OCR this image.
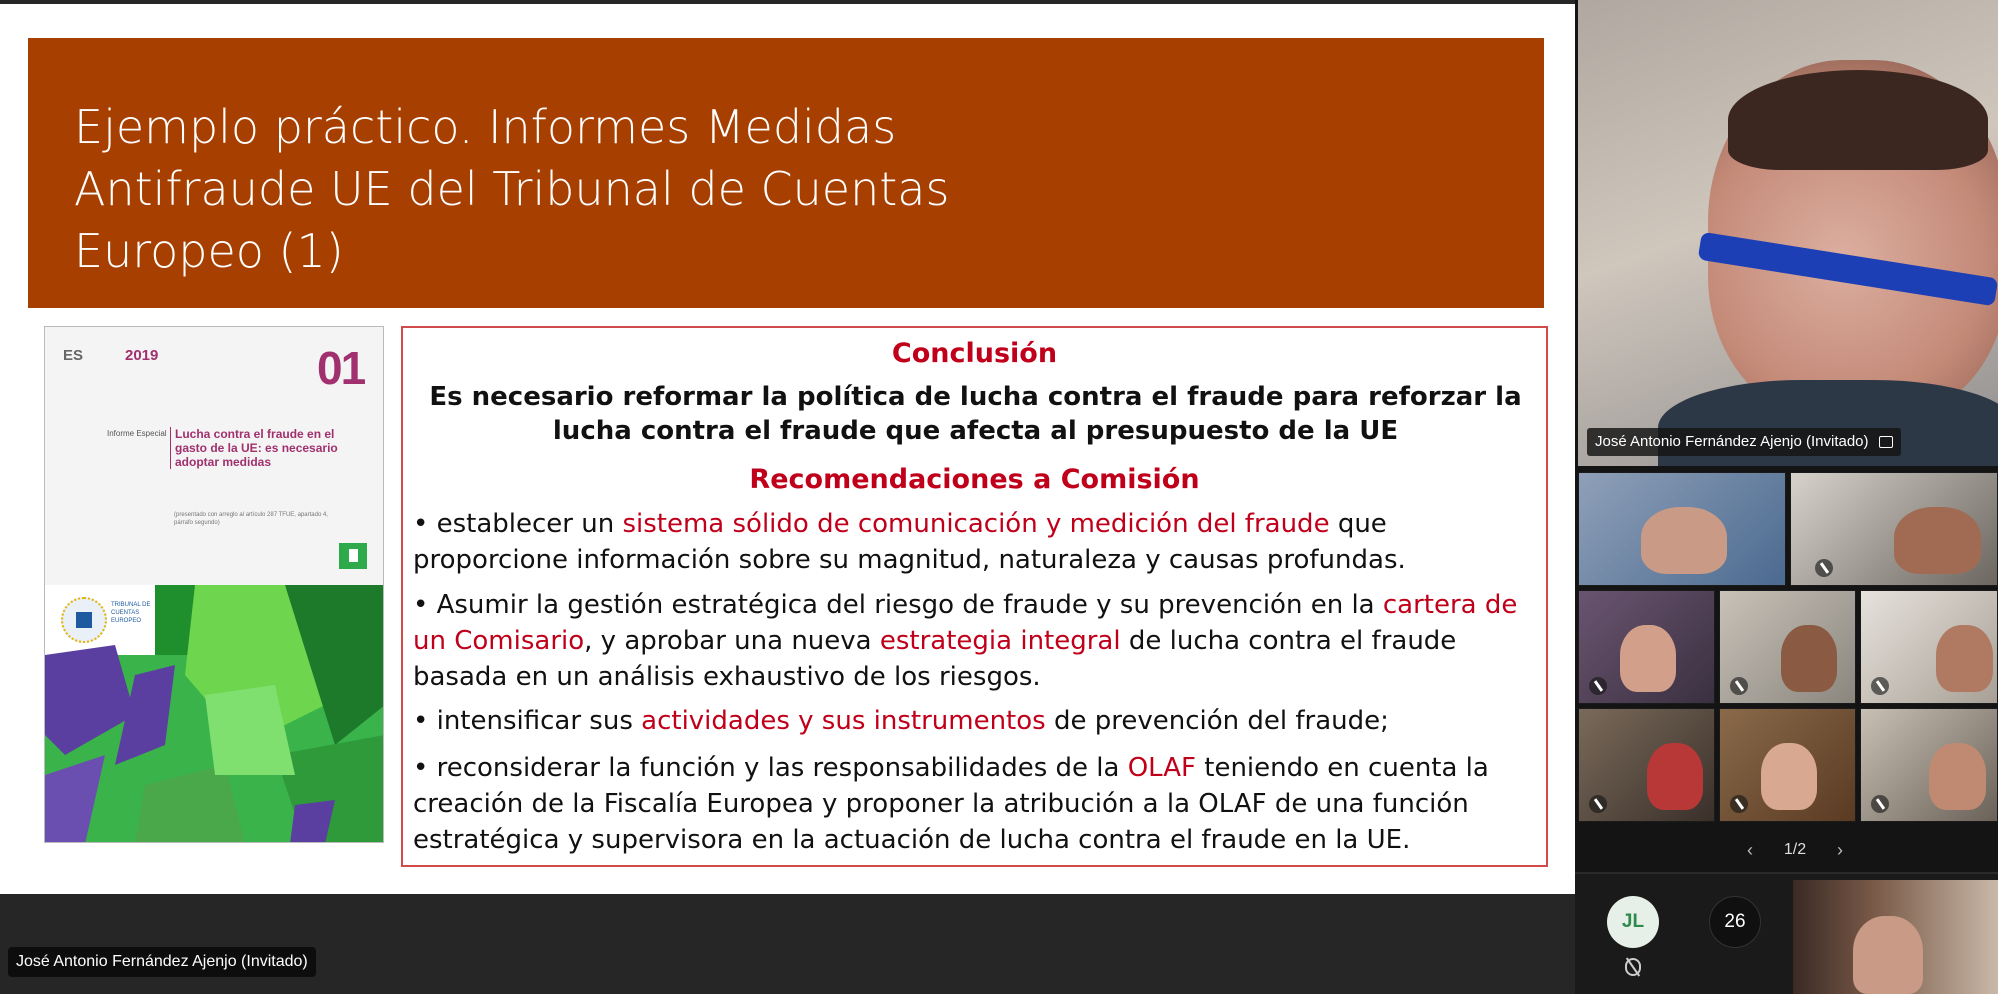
Ejemplo práctico. Informes Medidas
Antifraude UE del Tribunal de Cuentas
Europeo (1)
ES	2019	01
Informe Especial Lucha contra el fraude en el gasto de la UE: es necesario adoptar medidas
(presentado con arreglo al artículo 287 TFUE, apartado 4, párrafo segundo)
TRIBUNAL DE CUENTAS EUROPEO
Conclusión
Es necesario reformar la política de lucha contra el fraude para reforzar la lucha contra el fraude que afecta al presupuesto de la UE
Recomendaciones a Comisión
• establecer un sistema sólido de comunicación y medición del fraude que proporcione información sobre su magnitud, naturaleza y causas profundas.
• Asumir la gestión estratégica del riesgo de fraude y su prevención en la cartera de un Comisario, y aprobar una nueva estrategia integral de lucha contra el fraude basada en un análisis exhaustivo de los riesgos.
• intensificar sus actividades y sus instrumentos de prevención del fraude;
• reconsiderar la función y las responsabilidades de la OLAF teniendo en cuenta la creación de la Fiscalía Europea y proponer la atribución a la OLAF de una función estratégica y supervisora en la actuación de lucha contra el fraude en la UE.
José Antonio Fernández Ajenjo (Invitado)
José Antonio Fernández Ajenjo (Invitado)
‹	1/2	›
JL	26
